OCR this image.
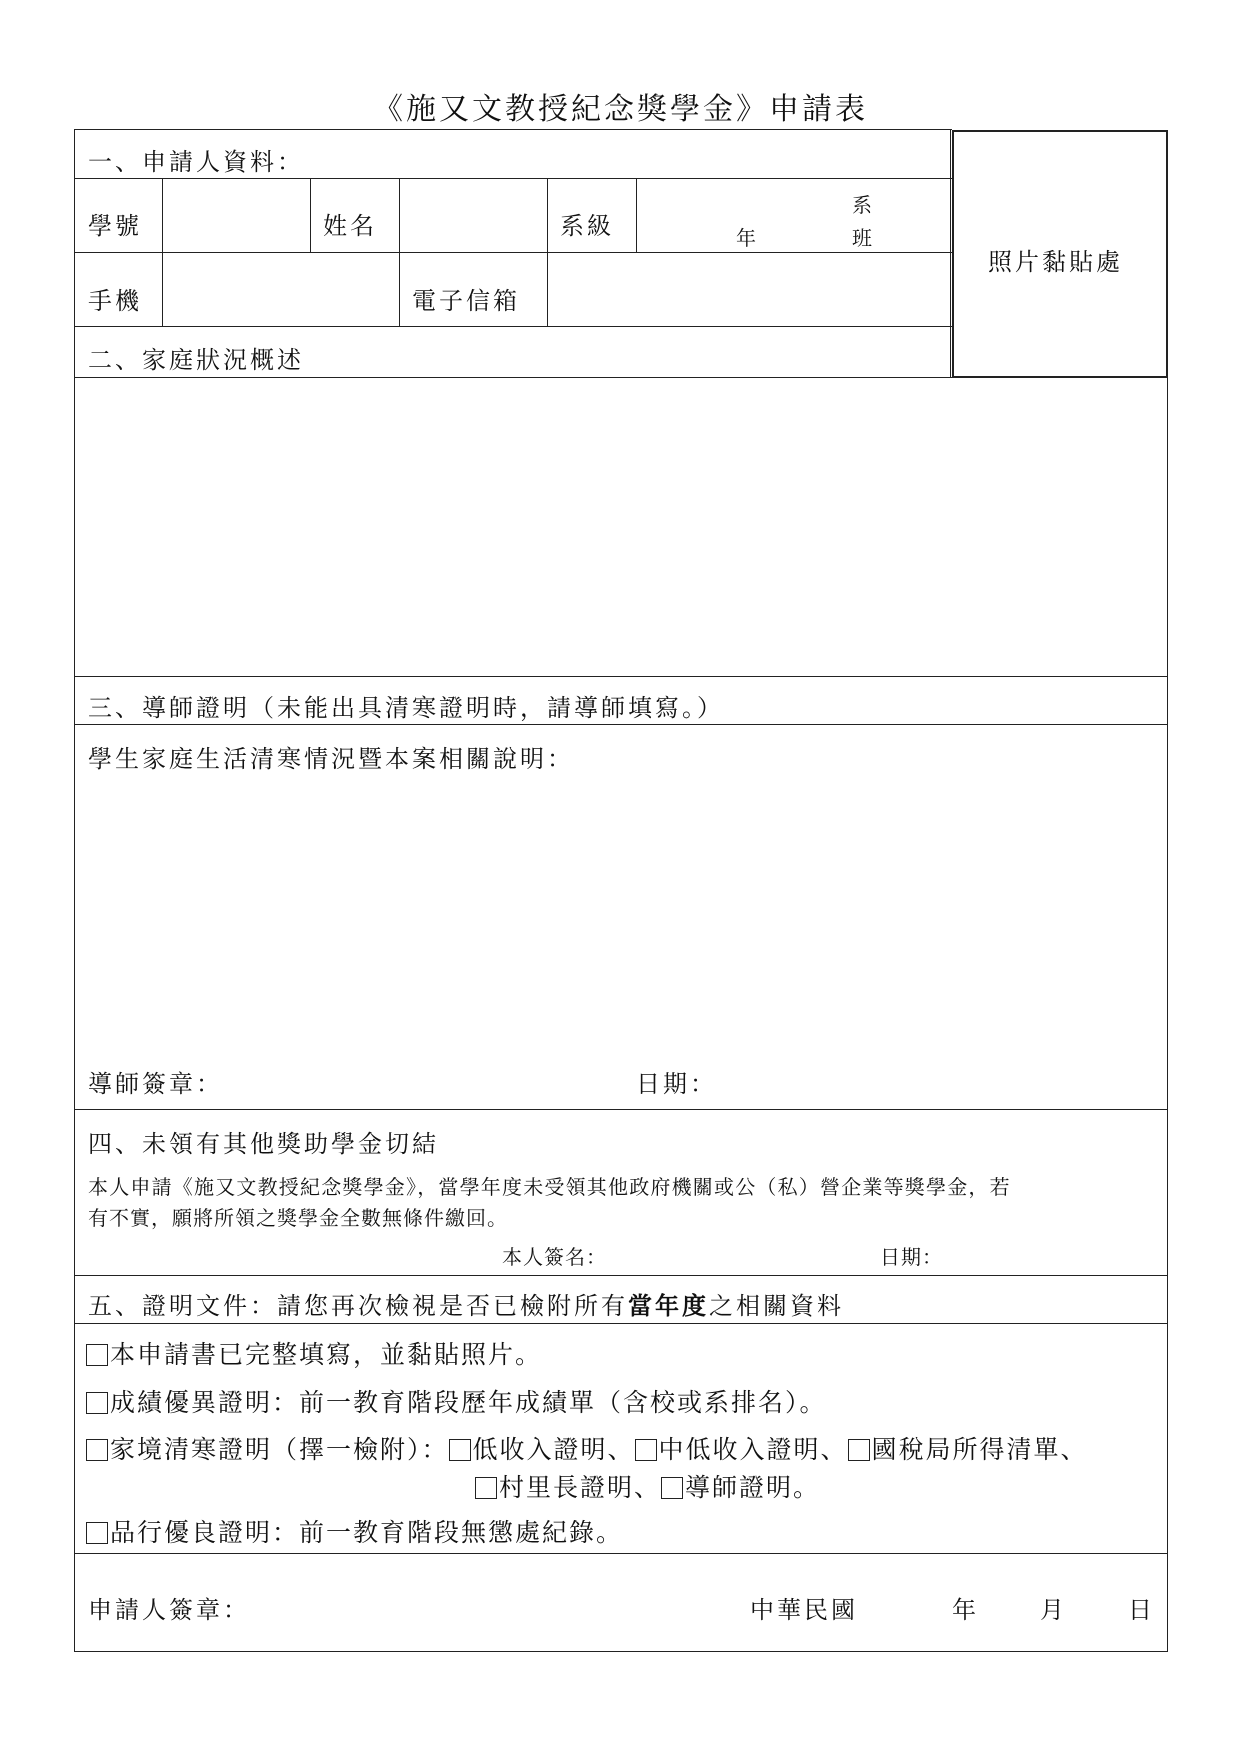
《施又文教授紀念獎學金》申請表
照片黏貼處
一、申請人資料：
學號	姓名	系級
系
年	班
手機	電子信箱
二、家庭狀況概述
三、導師證明（未能出具清寒證明時，請導師填寫。）
學生家庭生活清寒情況暨本案相關說明：
導師簽章：	日期：
四、未領有其他獎助學金切結
本人申請《施又文教授紀念獎學金》，當學年度未受領其他政府機關或公（私）營企業等獎學金，若
有不實，願將所領之獎學金全數無條件繳回。
本人簽名：	日期：
五、證明文件：請您再次檢視是否已檢附所有當年度之相關資料
本申請書已完整填寫，並黏貼照片。
成績優異證明：前一教育階段歷年成績單（含校或系排名）。
家境清寒證明（擇一檢附）： 低收入證明、 中低收入證明、 國稅局所得清單、
村里長證明、 導師證明。
品行優良證明：前一教育階段無懲處紀錄。
申請人簽章：	中華民國	年	月	日
